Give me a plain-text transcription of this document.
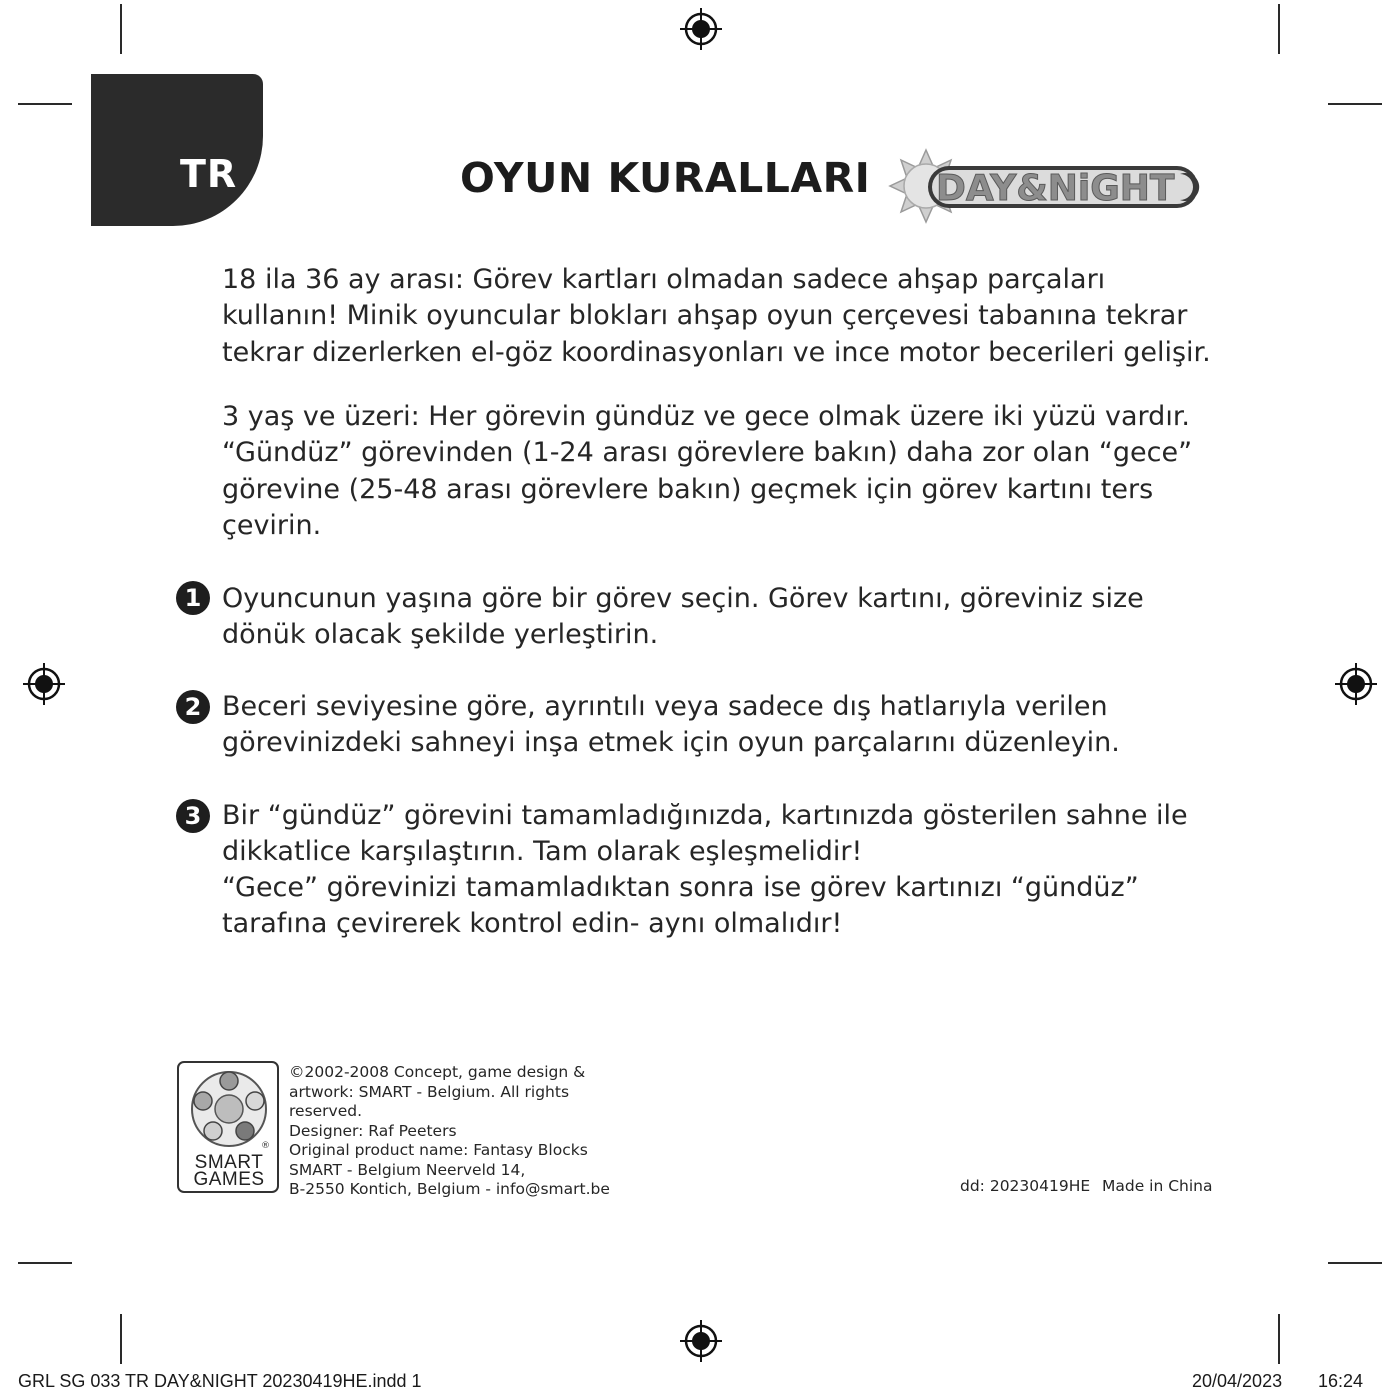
TR	OYUN KURALLARI DAY&NiGHT

18 ila 36 ay arası: Görev kartları olmadan sadece ahşap parçaları kullanın! Minik oyuncular blokları ahşap oyun çerçevesi tabanına tekrar tekrar dizerlerken el-göz koordinasyonları ve ince motor becerileri gelişir.

3 yaş ve üzeri: Her görevin gündüz ve gece olmak üzere iki yüzü vardır. “Gündüz” görevinden (1-24 arası görevlere bakın) daha zor olan “gece” görevine (25-48 arası görevlere bakın) geçmek için görev kartını ters çevirin.

1 Oyuncunun yaşına göre bir görev seçin. Görev kartını, göreviniz size dönük olacak şekilde yerleştirin.

2 Beceri seviyesine göre, ayrıntılı veya sadece dış hatlarıyla verilen görevinizdeki sahneyi inşa etmek için oyun parçalarını düzenleyin.

3 Bir “gündüz” görevini tamamladığınızda, kartınızda gösterilen sahne ile dikkatlice karşılaştırın. Tam olarak eşleşmelidir!

“Gece” görevinizi tamamladıktan sonra ise görev kartınızı “gündüz” tarafına çevirerek kontrol edin- aynı olmalıdır!

SMART
GAMES
®
©2002-2008 Concept, game design &
artwork: SMART - Belgium. All rights
reserved.
Designer: Raf Peeters
Original product name: Fantasy Blocks
SMART - Belgium Neerveld 14,
B-2550 Kontich, Belgium - info@smart.be	dd: 20230419HE Made in China
GRL SG 033 TR DAY&NIGHT 20230419HE.indd 1	20/04/2023 16:24
